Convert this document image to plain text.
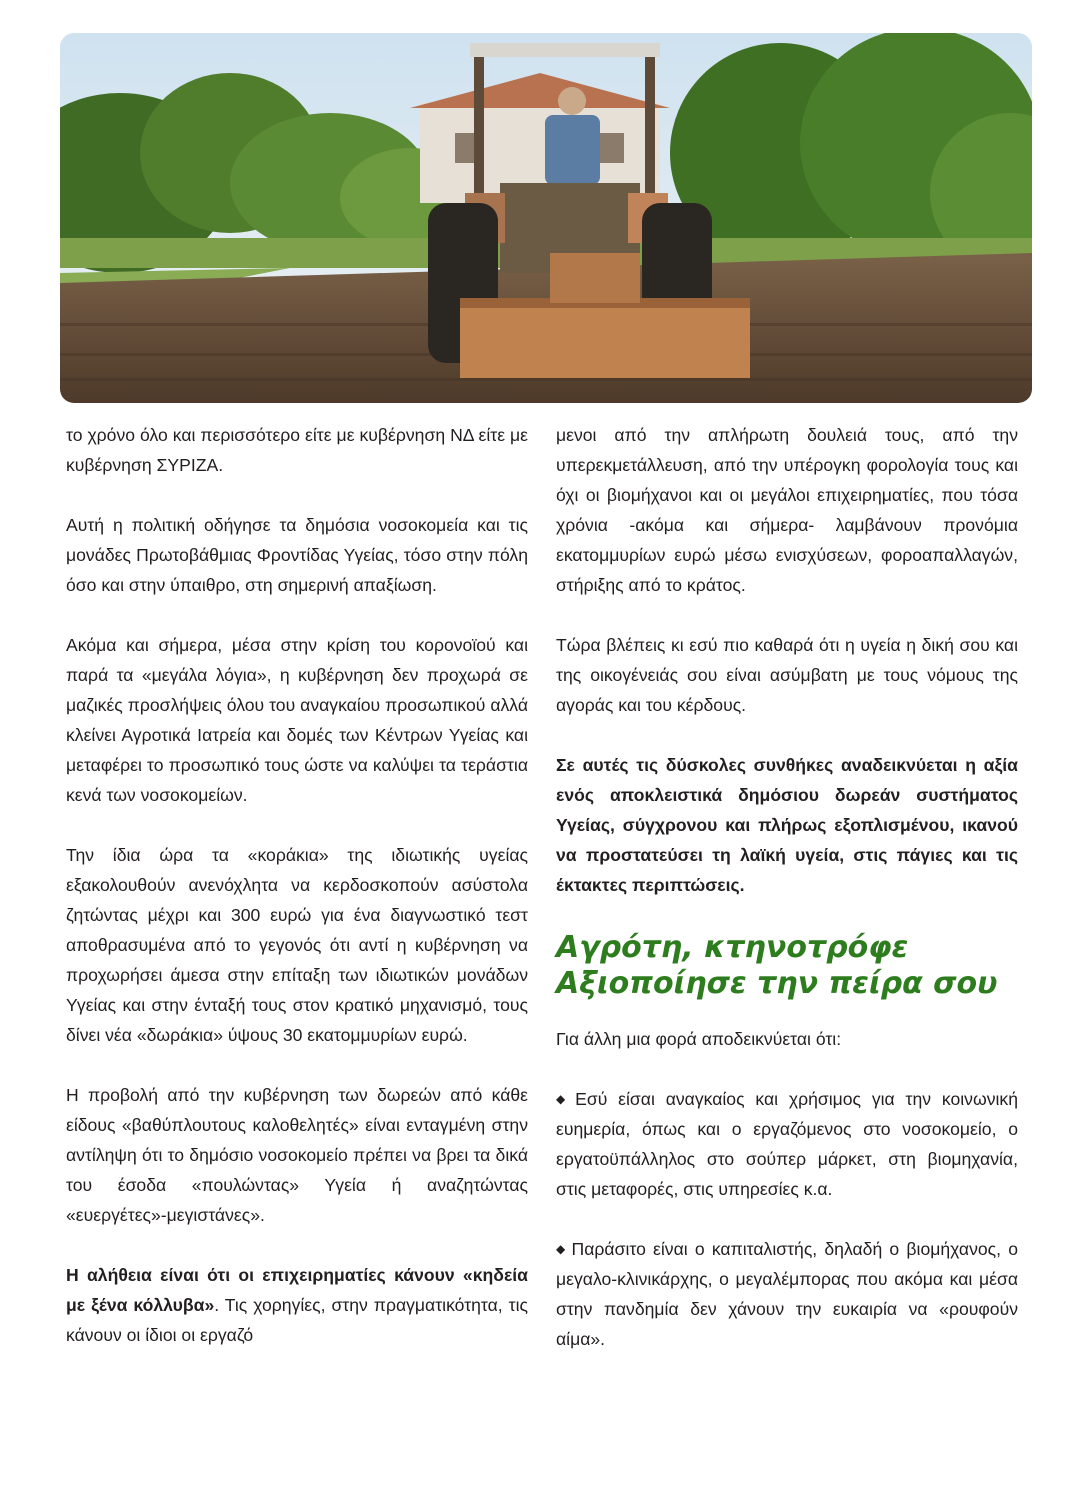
το χρόνο όλο και περισσότερο είτε με κυβέρνηση ΝΔ είτε με κυβέρνηση ΣΥΡΙΖΑ.

Αυτή η πολιτική οδήγησε τα δημόσια νοσοκομεία και τις μονάδες Πρωτοβάθμιας Φροντίδας Υγείας, τόσο στην πόλη όσο και στην ύπαιθρο, στη σημερινή απαξίωση.

Ακόμα και σήμερα, μέσα στην κρίση του κορονοϊού και παρά τα «μεγάλα λόγια», η κυβέρνηση δεν προχωρά σε μαζικές προσλήψεις όλου του αναγκαίου προσωπικού αλλά κλείνει Αγροτικά Ιατρεία και δομές των Κέντρων Υγείας και μεταφέρει το προσωπικό τους ώστε να καλύψει τα τεράστια κενά των νοσοκομείων.

Την ίδια ώρα τα «κοράκια» της ιδιωτικής υγείας εξακολουθούν ανενόχλητα να κερδοσκοπούν ασύστολα ζητώντας μέχρι και 300 ευρώ για ένα διαγνωστικό τεστ αποθρασυμένα από το γεγονός ότι αντί η κυβέρνηση να προχωρήσει άμεσα στην επίταξη των ιδιωτικών μονάδων Υγείας και στην ένταξή τους στον κρατικό μηχανισμό, τους δίνει νέα «δωράκια» ύψους 30 εκατομμυρίων ευρώ.

Η προβολή από την κυβέρνηση των δωρεών από κάθε είδους «βαθύπλουτους καλοθελητές» είναι ενταγμένη στην αντίληψη ότι το δημόσιο νοσοκομείο πρέπει να βρει τα δικά του έσοδα «πουλώντας» Υγεία ή αναζητώντας «ευεργέτες»-μεγιστάνες».

Η αλήθεια είναι ότι οι επιχειρηματίες κάνουν «κηδεία με ξένα κόλλυβα». Τις χορηγίες, στην πραγματικότητα, τις κάνουν οι ίδιοι οι εργαζό

μενοι από την απλήρωτη δουλειά τους, από την υπερεκμετάλλευση, από την υπέρογκη φορολογία τους και όχι οι βιομήχανοι και οι μεγάλοι επιχειρηματίες, που τόσα χρόνια -ακόμα και σήμερα- λαμβάνουν προνόμια εκατομμυρίων ευρώ μέσω ενισχύσεων, φοροαπαλλαγών, στήριξης από το κράτος.

Τώρα βλέπεις κι εσύ πιο καθαρά ότι η υγεία η δική σου και της οικογένειάς σου είναι ασύμβατη με τους νόμους της αγοράς και του κέρδους.

Σε αυτές τις δύσκολες συνθήκες αναδεικνύεται η αξία ενός αποκλειστικά δημόσιου δωρεάν συστήματος Υγείας, σύγχρονου και πλήρως εξοπλισμένου, ικανού να προστατεύσει τη λαϊκή υγεία, στις πάγιες και τις έκτακτες περιπτώσεις.

Αγρότη, κτηνοτρόφε
Αξιοποίησε την πείρα σου

Για άλλη μια φορά αποδεικνύεται ότι:

◆ Εσύ είσαι αναγκαίος και χρήσιμος για την κοινωνική ευημερία, όπως και ο εργαζόμενος στο νοσοκομείο, ο εργατοϋπάλληλος στο σούπερ μάρκετ, στη βιομηχανία, στις μεταφορές, στις υπηρεσίες κ.α.

◆ Παράσιτο είναι ο καπιταλιστής, δηλαδή ο βιομήχανος, ο μεγαλο-κλινικάρχης, ο μεγαλέμπορας που ακόμα και μέσα στην πανδημία δεν χάνουν την ευκαιρία να «ρουφούν αίμα».
